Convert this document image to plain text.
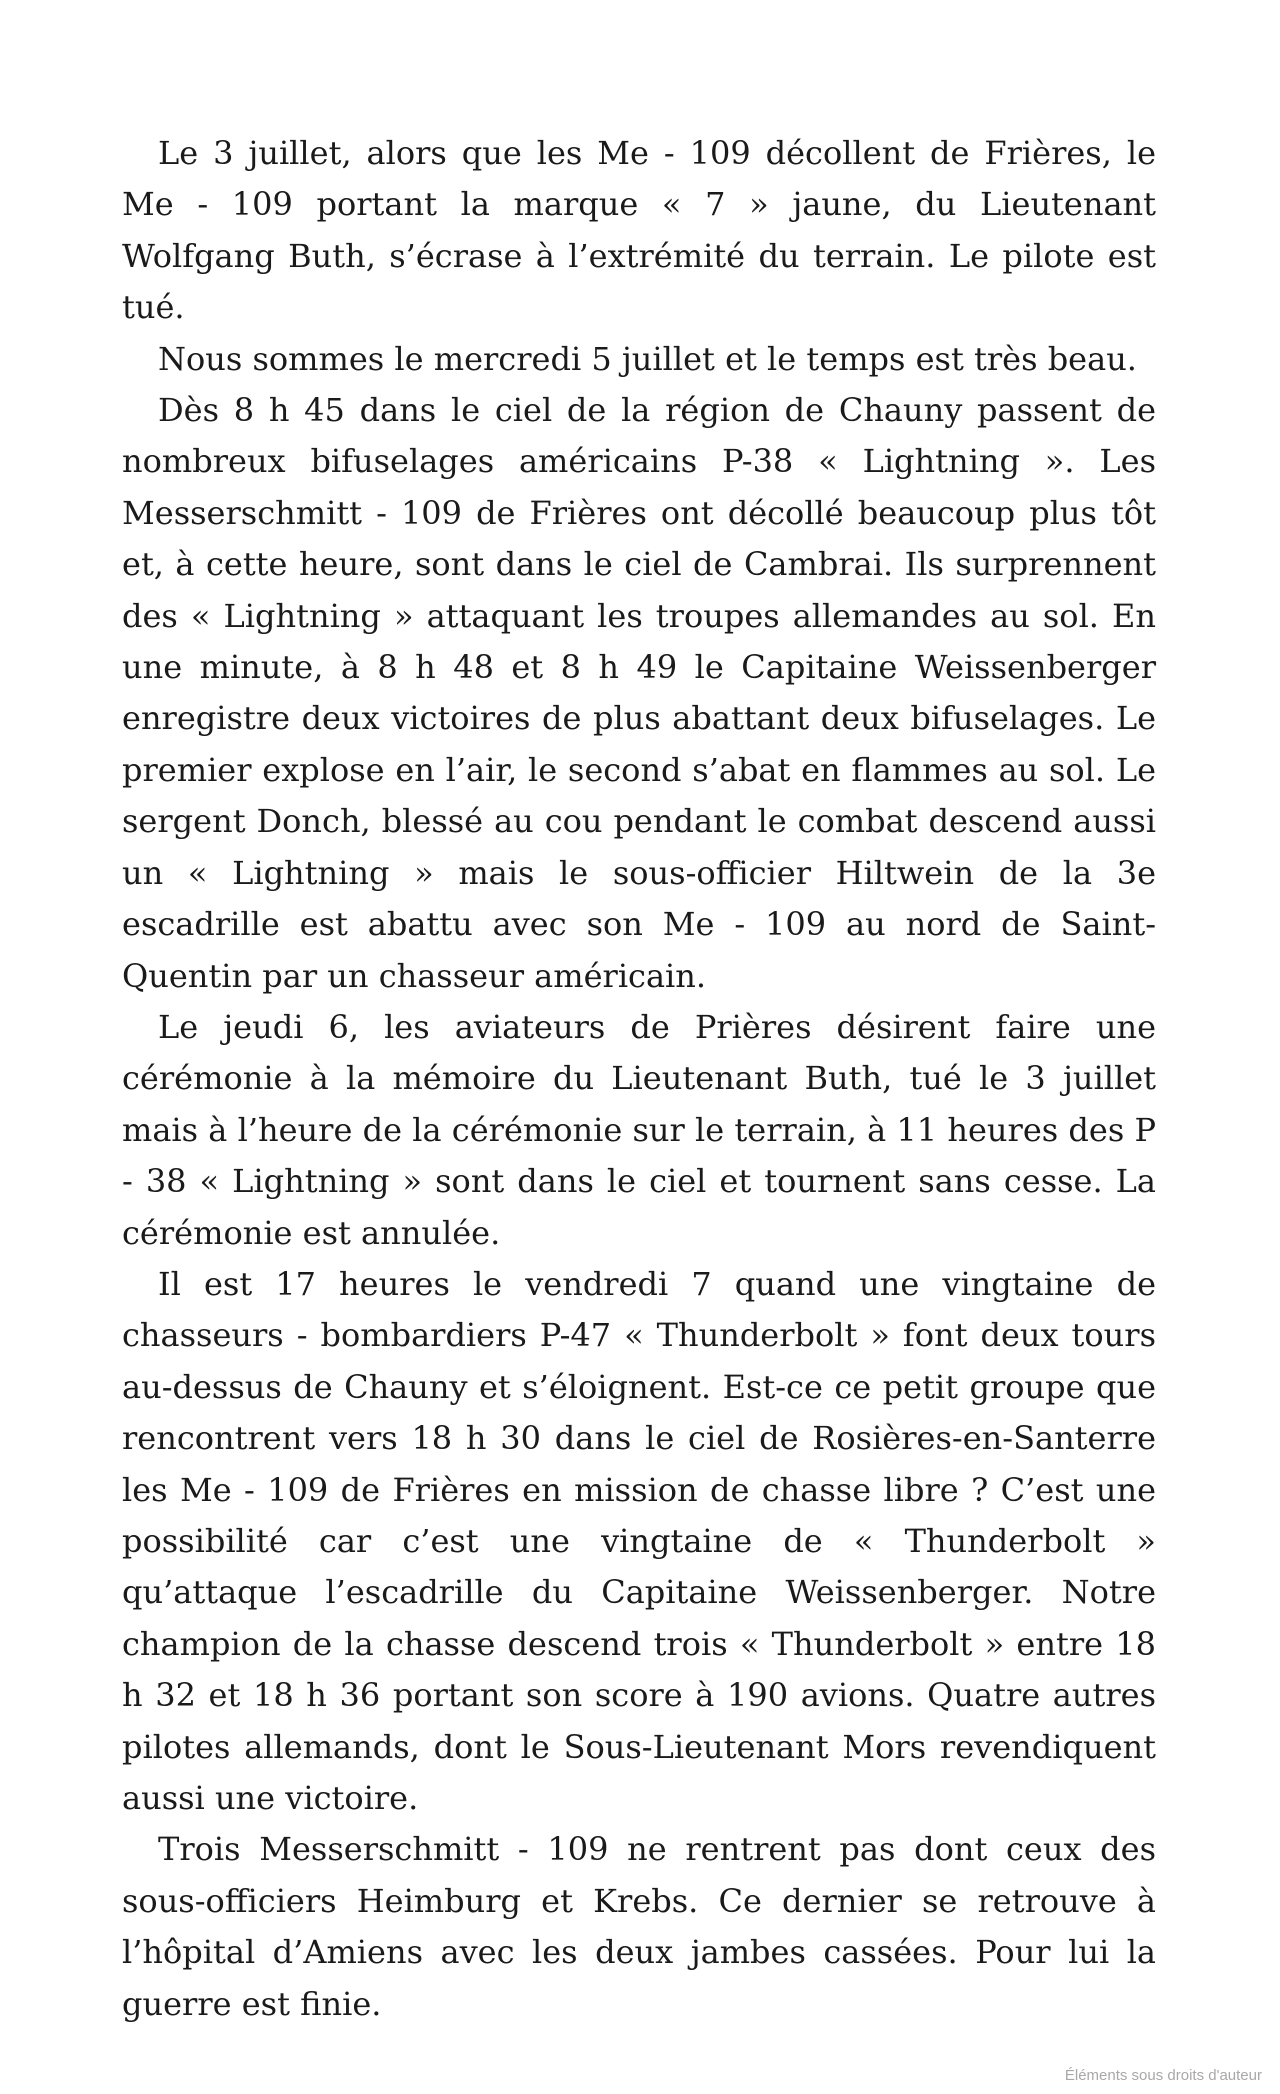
Le 3 juillet, alors que les Me - 109 décollent de Frières, le Me - 109 portant la marque « 7 » jaune, du Lieutenant Wolfgang Buth, s’écrase à l’extrémité du terrain. Le pilote est tué.

Nous sommes le mercredi 5 juillet et le temps est très beau.

Dès 8 h 45 dans le ciel de la région de Chauny passent de nombreux bifuselages américains P-38 « Lightning ». Les Messerschmitt - 109 de Frières ont décollé beaucoup plus tôt et, à cette heure, sont dans le ciel de Cambrai. Ils surprennent des « Lightning » attaquant les troupes allemandes au sol. En une minute, à 8 h 48 et 8 h 49 le Capitaine Weissenberger enregistre deux victoires de plus abattant deux bifuselages. Le premier explose en l’air, le second s’abat en flammes au sol. Le sergent Donch, blessé au cou pendant le combat descend aussi un « Lightning » mais le sous-officier Hiltwein de la 3e escadrille est abattu avec son Me - 109 au nord de Saint-Quentin par un chasseur américain.

Le jeudi 6, les aviateurs de Prières désirent faire une cérémonie à la mémoire du Lieutenant Buth, tué le 3 juillet mais à l’heure de la cérémonie sur le terrain, à 11 heures des P - 38 « Lightning » sont dans le ciel et tournent sans cesse. La cérémonie est annulée.

Il est 17 heures le vendredi 7 quand une vingtaine de chasseurs - bombardiers P-47 « Thunderbolt » font deux tours au-dessus de Chauny et s’éloignent. Est-ce ce petit groupe que rencontrent vers 18 h 30 dans le ciel de Rosières-en-Santerre les Me - 109 de Frières en mission de chasse libre ? C’est une possibilité car c’est une vingtaine de « Thunderbolt » qu’attaque l’escadrille du Capitaine Weissenberger. Notre champion de la chasse descend trois « Thunderbolt » entre 18 h 32 et 18 h 36 portant son score à 190 avions. Quatre autres pilotes allemands, dont le Sous-Lieutenant Mors revendiquent aussi une victoire.

Trois Messerschmitt - 109 ne rentrent pas dont ceux des sous-officiers Heimburg et Krebs. Ce dernier se retrouve à l’hôpital d’Amiens avec les deux jambes cassées. Pour lui la guerre est finie.

Éléments sous droits d'auteur
